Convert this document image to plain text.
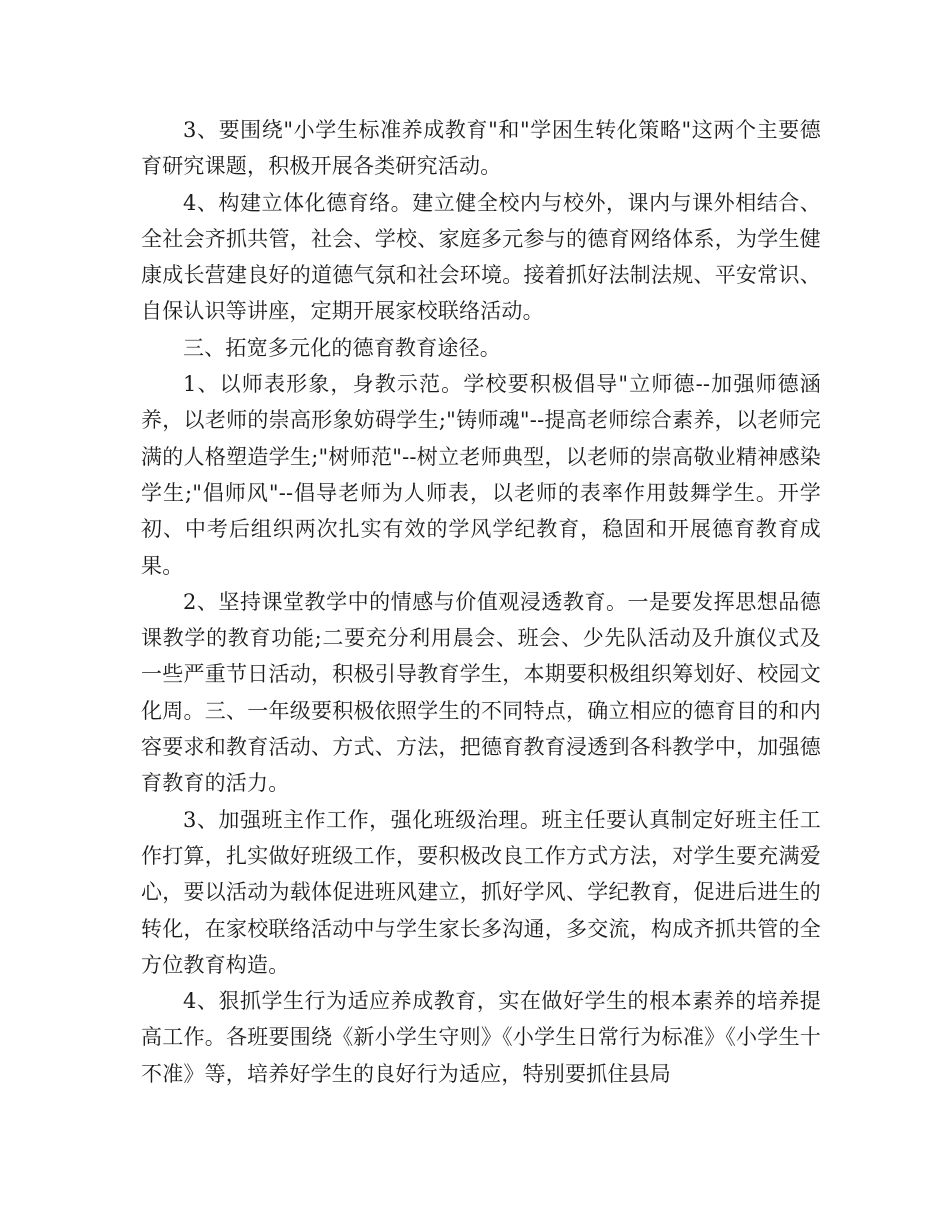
3、要围绕"小学生标准养成教育"和"学困生转化策略"这两个主要德育研究课题，积极开展各类研究活动。

4、构建立体化德育络。建立健全校内与校外，课内与课外相结合、全社会齐抓共管，社会、学校、家庭多元参与的德育网络体系，为学生健康成长营建良好的道德气氛和社会环境。接着抓好法制法规、平安常识、自保认识等讲座，定期开展家校联络活动。

三、拓宽多元化的德育教育途径。

1、以师表形象，身教示范。学校要积极倡导"立师德--加强师德涵养，以老师的崇高形象妨碍学生;"铸师魂"--提高老师综合素养，以老师完满的人格塑造学生;"树师范"--树立老师典型，以老师的崇高敬业精神感染学生;"倡师风"--倡导老师为人师表，以老师的表率作用鼓舞学生。开学初、中考后组织两次扎实有效的学风学纪教育，稳固和开展德育教育成果。

2、坚持课堂教学中的情感与价值观浸透教育。一是要发挥思想品德课教学的教育功能;二要充分利用晨会、班会、少先队活动及升旗仪式及一些严重节日活动，积极引导教育学生，本期要积极组织筹划好、校园文化周。三、一年级要积极依照学生的不同特点，确立相应的德育目的和内容要求和教育活动、方式、方法，把德育教育浸透到各科教学中，加强德育教育的活力。

3、加强班主作工作，强化班级治理。班主任要认真制定好班主任工作打算，扎实做好班级工作，要积极改良工作方式方法，对学生要充满爱心，要以活动为载体促进班风建立，抓好学风、学纪教育，促进后进生的转化，在家校联络活动中与学生家长多沟通，多交流，构成齐抓共管的全方位教育构造。

4、狠抓学生行为适应养成教育，实在做好学生的根本素养的培养提高工作。各班要围绕《新小学生守则》《小学生日常行为标准》《小学生十不准》等，培养好学生的良好行为适应，特别要抓住县局
